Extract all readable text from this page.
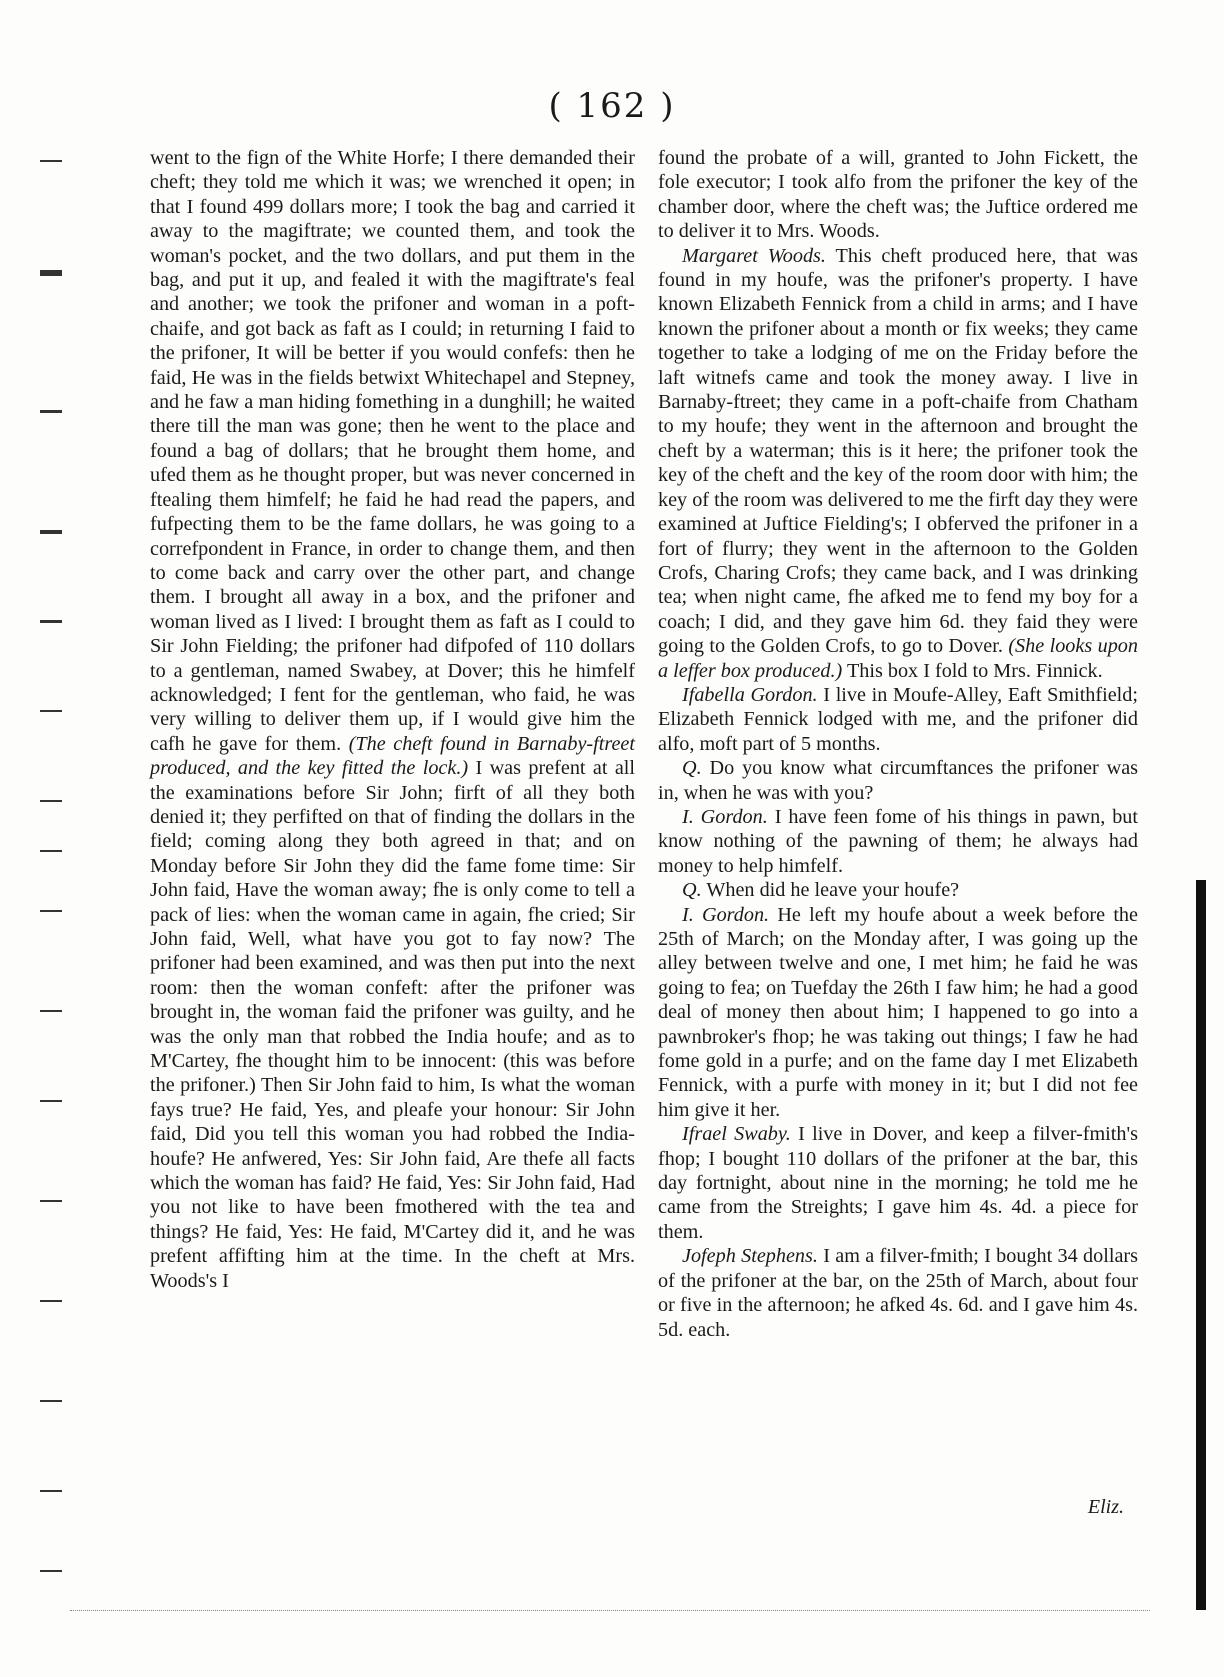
( 162 )

went to the fign of the White Horfe; I there demanded their cheft; they told me which it was; we wrenched it open; in that I found 499 dollars more; I took the bag and carried it away to the magiftrate; we counted them, and took the woman's pocket, and the two dollars, and put them in the bag, and put it up, and fealed it with the magiftrate's feal and another; we took the prifoner and woman in a poft-chaife, and got back as faft as I could; in returning I faid to the prifoner, It will be better if you would confefs: then he faid, He was in the fields betwixt Whitechapel and Stepney, and he faw a man hiding fomething in a dunghill; he waited there till the man was gone; then he went to the place and found a bag of dollars; that he brought them home, and ufed them as he thought proper, but was never concerned in ftealing them himfelf; he faid he had read the papers, and fufpecting them to be the fame dollars, he was going to a correfpondent in France, in order to change them, and then to come back and carry over the other part, and change them. I brought all away in a box, and the prifoner and woman lived as I lived: I brought them as faft as I could to Sir John Fielding; the prifoner had difpofed of 110 dollars to a gentleman, named Swabey, at Dover; this he himfelf acknowledged; I fent for the gentleman, who faid, he was very willing to deliver them up, if I would give him the cafh he gave for them. (The cheft found in Barnaby-ftreet produced, and the key fitted the lock.) I was prefent at all the examinations before Sir John; firft of all they both denied it; they perfifted on that of finding the dollars in the field; coming along they both agreed in that; and on Monday before Sir John they did the fame fome time: Sir John faid, Have the woman away; fhe is only come to tell a pack of lies: when the woman came in again, fhe cried; Sir John faid, Well, what have you got to fay now? The prifoner had been examined, and was then put into the next room: then the woman confeft: after the prifoner was brought in, the woman faid the prifoner was guilty, and he was the only man that robbed the India houfe; and as to M'Cartey, fhe thought him to be innocent: (this was before the prifoner.) Then Sir John faid to him, Is what the woman fays true? He faid, Yes, and pleafe your honour: Sir John faid, Did you tell this woman you had robbed the India-houfe? He anfwered, Yes: Sir John faid, Are thefe all facts which the woman has faid? He faid, Yes: Sir John faid, Had you not like to have been fmothered with the tea and things? He faid, Yes: He faid, M'Cartey did it, and he was prefent affifting him at the time. In the cheft at Mrs. Woods's I

found the probate of a will, granted to John Fickett, the fole executor; I took alfo from the prifoner the key of the chamber door, where the cheft was; the Juftice ordered me to deliver it to Mrs. Woods.

Margaret Woods. This cheft produced here, that was found in my houfe, was the prifoner's property. I have known Elizabeth Fennick from a child in arms; and I have known the prifoner about a month or fix weeks; they came together to take a lodging of me on the Friday before the laft witnefs came and took the money away. I live in Barnaby-ftreet; they came in a poft-chaife from Chatham to my houfe; they went in the afternoon and brought the cheft by a waterman; this is it here; the prifoner took the key of the cheft and the key of the room door with him; the key of the room was delivered to me the firft day they were examined at Juftice Fielding's; I obferved the prifoner in a fort of flurry; they went in the afternoon to the Golden Crofs, Charing Crofs; they came back, and I was drinking tea; when night came, fhe afked me to fend my boy for a coach; I did, and they gave him 6d. they faid they were going to the Golden Crofs, to go to Dover. (She looks upon a leffer box produced.) This box I fold to Mrs. Finnick.

Ifabella Gordon. I live in Moufe-Alley, Eaft Smithfield; Elizabeth Fennick lodged with me, and the prifoner did alfo, moft part of 5 months.

Q. Do you know what circumftances the prifoner was in, when he was with you?

I. Gordon. I have feen fome of his things in pawn, but know nothing of the pawning of them; he always had money to help himfelf.

Q. When did he leave your houfe?

I. Gordon. He left my houfe about a week before the 25th of March; on the Monday after, I was going up the alley between twelve and one, I met him; he faid he was going to fea; on Tuefday the 26th I faw him; he had a good deal of money then about him; I happened to go into a pawnbroker's fhop; he was taking out things; I faw he had fome gold in a purfe; and on the fame day I met Elizabeth Fennick, with a purfe with money in it; but I did not fee him give it her.

Ifrael Swaby. I live in Dover, and keep a filver-fmith's fhop; I bought 110 dollars of the prifoner at the bar, this day fortnight, about nine in the morning; he told me he came from the Streights; I gave him 4s. 4d. a piece for them.

Jofeph Stephens. I am a filver-fmith; I bought 34 dollars of the prifoner at the bar, on the 25th of March, about four or five in the afternoon; he afked 4s. 6d. and I gave him 4s. 5d. each.

Eliz.
